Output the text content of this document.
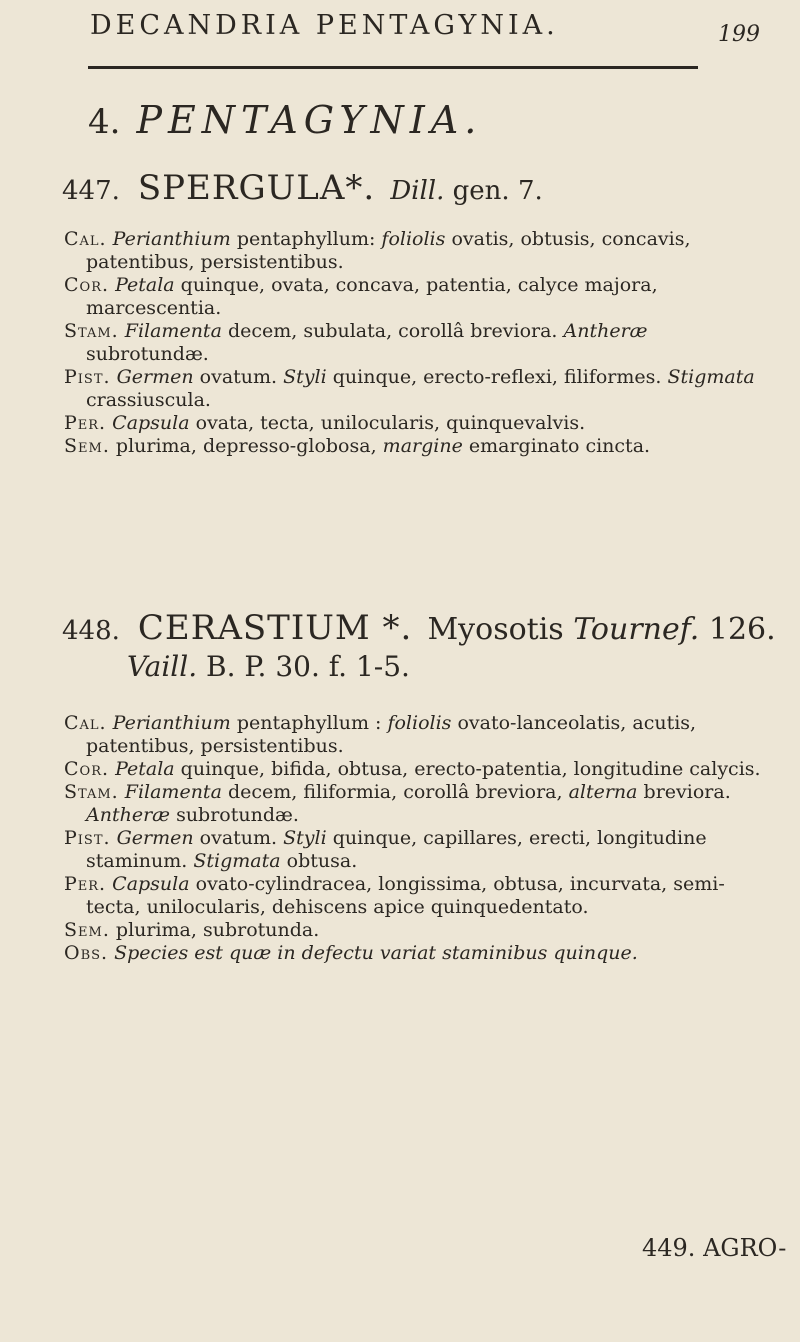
DECANDRIA PENTAGYNIA.	199
4. PENTAGYNIA.
447. SPERGULA*. Dill. gen. 7.

Cal. Perianthium pentaphyllum: foliolis ovatis, obtusis, concavis, patentibus, persistentibus.

Cor. Petala quinque, ovata, concava, patentia, calyce majora, marcescentia.

Stam. Filamenta decem, subulata, corollâ breviora. Antheræ subrotundæ.

Pist. Germen ovatum. Styli quinque, erecto-reflexi, filiformes. Stigmata crassiuscula.

Per. Capsula ovata, tecta, unilocularis, quinquevalvis.

Sem. plurima, depresso-globosa, margine emarginato cincta.

448. CERASTIUM *. Myosotis Tournef. 126.
Vaill. B. P. 30. f. 1-5.

Cal. Perianthium pentaphyllum : foliolis ovato-lanceolatis, acutis, patentibus, persistentibus.

Cor. Petala quinque, bifida, obtusa, erecto-patentia, longitudine calycis.

Stam. Filamenta decem, filiformia, corollâ breviora, alterna breviora. Antheræ subrotundæ.

Pist. Germen ovatum. Styli quinque, capillares, erecti, longitudine staminum. Stigmata obtusa.

Per. Capsula ovato-cylindracea, longissima, obtusa, incurvata, semi-tecta, unilocularis, dehiscens apice quinquedentato.

Sem. plurima, subrotunda.

Obs. Species est quæ in defectu variat staminibus quinque.

449. AGRO-
